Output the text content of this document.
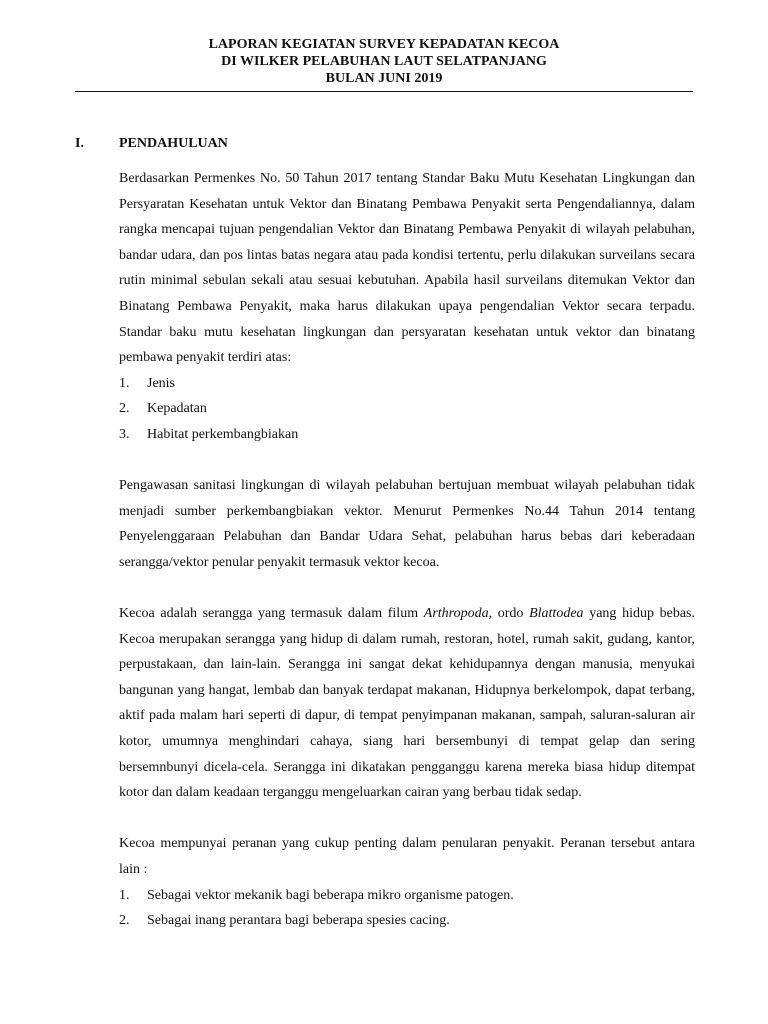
LAPORAN KEGIATAN SURVEY KEPADATAN KECOA
DI WILKER PELABUHAN LAUT SELATPANJANG
BULAN JUNI 2019
I.	PENDAHULUAN

Berdasarkan Permenkes No. 50 Tahun 2017 tentang Standar Baku Mutu Kesehatan Lingkungan dan Persyaratan Kesehatan untuk Vektor dan Binatang Pembawa Penyakit serta Pengendaliannya, dalam rangka mencapai tujuan pengendalian Vektor dan Binatang Pembawa Penyakit di wilayah pelabuhan, bandar udara, dan pos lintas batas negara atau pada kondisi tertentu, perlu dilakukan surveilans secara rutin minimal sebulan sekali atau sesuai kebutuhan. Apabila hasil surveilans ditemukan Vektor dan Binatang Pembawa Penyakit, maka harus dilakukan upaya pengendalian Vektor secara terpadu. Standar baku mutu kesehatan lingkungan dan persyaratan kesehatan untuk vektor dan binatang pembawa penyakit terdiri atas:

1.	Jenis
2.	Kepadatan
3.	Habitat perkembangbiakan

Pengawasan sanitasi lingkungan di wilayah pelabuhan bertujuan membuat wilayah pelabuhan tidak menjadi sumber perkembangbiakan vektor. Menurut Permenkes No.44 Tahun 2014 tentang Penyelenggaraan Pelabuhan dan Bandar Udara Sehat, pelabuhan harus bebas dari keberadaan serangga/vektor penular penyakit termasuk vektor kecoa.

Kecoa adalah serangga yang termasuk dalam filum Arthropoda, ordo Blattodea yang hidup bebas. Kecoa merupakan serangga yang hidup di dalam rumah, restoran, hotel, rumah sakit, gudang, kantor, perpustakaan, dan lain-lain. Serangga ini sangat dekat kehidupannya dengan manusia, menyukai bangunan yang hangat, lembab dan banyak terdapat makanan, Hidupnya berkelompok, dapat terbang, aktif pada malam hari seperti di dapur, di tempat penyimpanan makanan, sampah, saluran-saluran air kotor, umumnya menghindari cahaya, siang hari bersembunyi di tempat gelap dan sering bersemnbunyi dicela-cela. Serangga ini dikatakan pengganggu karena mereka biasa hidup ditempat kotor dan dalam keadaan terganggu mengeluarkan cairan yang berbau tidak sedap.

Kecoa mempunyai peranan yang cukup penting dalam penularan penyakit. Peranan tersebut antara lain :

1.	Sebagai vektor mekanik bagi beberapa mikro organisme patogen.
2.	Sebagai inang perantara bagi beberapa spesies cacing.
